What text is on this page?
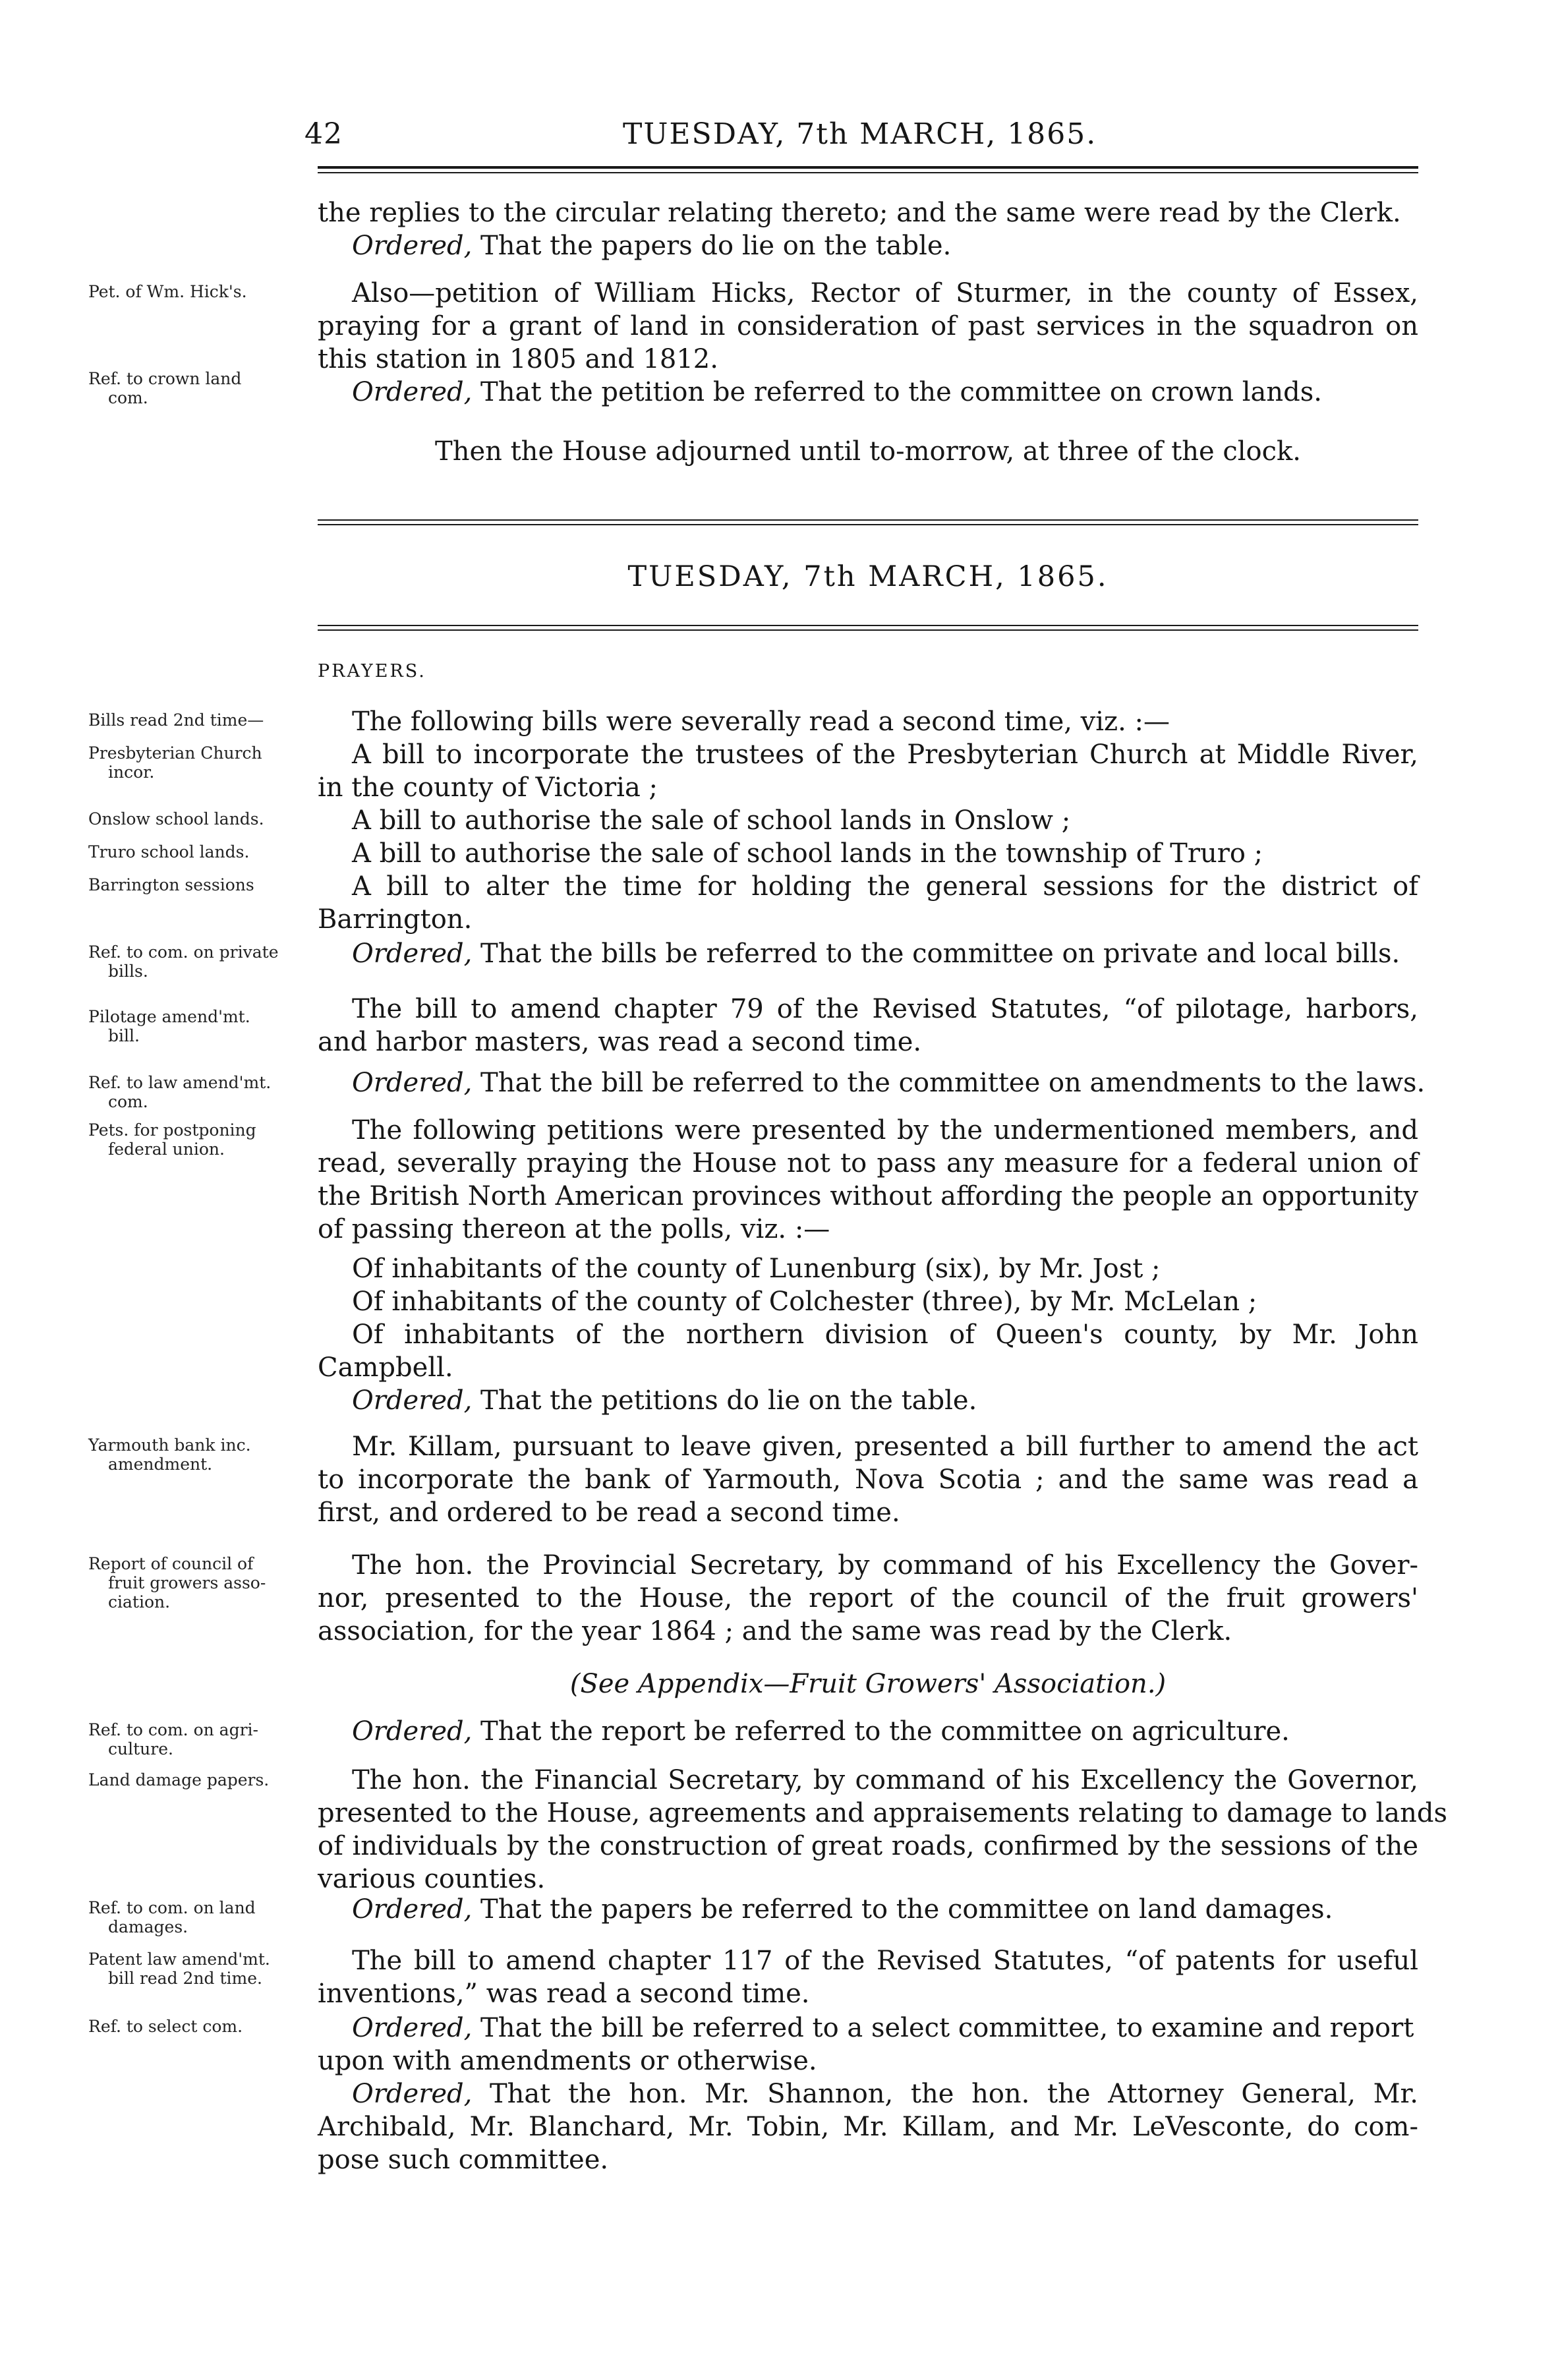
42	TUESDAY, 7th MARCH, 1865.
the replies to the circular relating thereto; and the same were read by the Clerk.
Ordered, That the papers do lie on the table.
Also—petition of William Hicks, Rector of Sturmer, in the county of Essex,
praying for a grant of land in consideration of past services in the squadron on
this station in 1805 and 1812.
Ordered, That the petition be referred to the committee on crown lands.
Then the House adjourned until to-morrow, at three of the clock.
TUESDAY, 7th MARCH, 1865.
PRAYERS.
Pet. of Wm. Hick's.
Ref. to crown land
com.
Bills read 2nd time—
Presbyterian Church
incor.
Onslow school lands.
Truro school lands.
Barrington sessions
Ref. to com. on private
bills.
Pilotage amend'mt.
bill.
Ref. to law amend'mt.
com.
Pets. for postponing
federal union.
Yarmouth bank inc.
amendment.
Report of council of
fruit growers asso-
ciation.
Ref. to com. on agri-
culture.
Land damage papers.
Ref. to com. on land
damages.
Patent law amend'mt.
bill read 2nd time.
Ref. to select com.
The following bills were severally read a second time, viz. :—
A bill to incorporate the trustees of the Presbyterian Church at Middle River,
in the county of Victoria ;
A bill to authorise the sale of school lands in Onslow ;
A bill to authorise the sale of school lands in the township of Truro ;
A bill to alter the time for holding the general sessions for the district of
Barrington.
Ordered, That the bills be referred to the committee on private and local bills.
The bill to amend chapter 79 of the Revised Statutes, “of pilotage, harbors,
and harbor masters, was read a second time.
Ordered, That the bill be referred to the committee on amendments to the laws.
The following petitions were presented by the undermentioned members, and
read, severally praying the House not to pass any measure for a federal union of
the British North American provinces without affording the people an opportunity
of passing thereon at the polls, viz. :—
Of inhabitants of the county of Lunenburg (six), by Mr. Jost ;
Of inhabitants of the county of Colchester (three), by Mr. McLelan ;
Of inhabitants of the northern division of Queen's county, by Mr. John
Campbell.
Ordered, That the petitions do lie on the table.
Mr. Killam, pursuant to leave given, presented a bill further to amend the act
to incorporate the bank of Yarmouth, Nova Scotia ; and the same was read a
first, and ordered to be read a second time.
The hon. the Provincial Secretary, by command of his Excellency the Gover-
nor, presented to the House, the report of the council of the fruit growers'
association, for the year 1864 ; and the same was read by the Clerk.
(See Appendix—Fruit Growers' Association.)
Ordered, That the report be referred to the committee on agriculture.
The hon. the Financial Secretary, by command of his Excellency the Governor,
presented to the House, agreements and appraisements relating to damage to lands
of individuals by the construction of great roads, confirmed by the sessions of the
various counties.
Ordered, That the papers be referred to the committee on land damages.
The bill to amend chapter 117 of the Revised Statutes, “of patents for useful
inventions,” was read a second time.
Ordered, That the bill be referred to a select committee, to examine and report
upon with amendments or otherwise.
Ordered, That the hon. Mr. Shannon, the hon. the Attorney General, Mr.
Archibald, Mr. Blanchard, Mr. Tobin, Mr. Killam, and Mr. LeVesconte, do com-
pose such committee.
